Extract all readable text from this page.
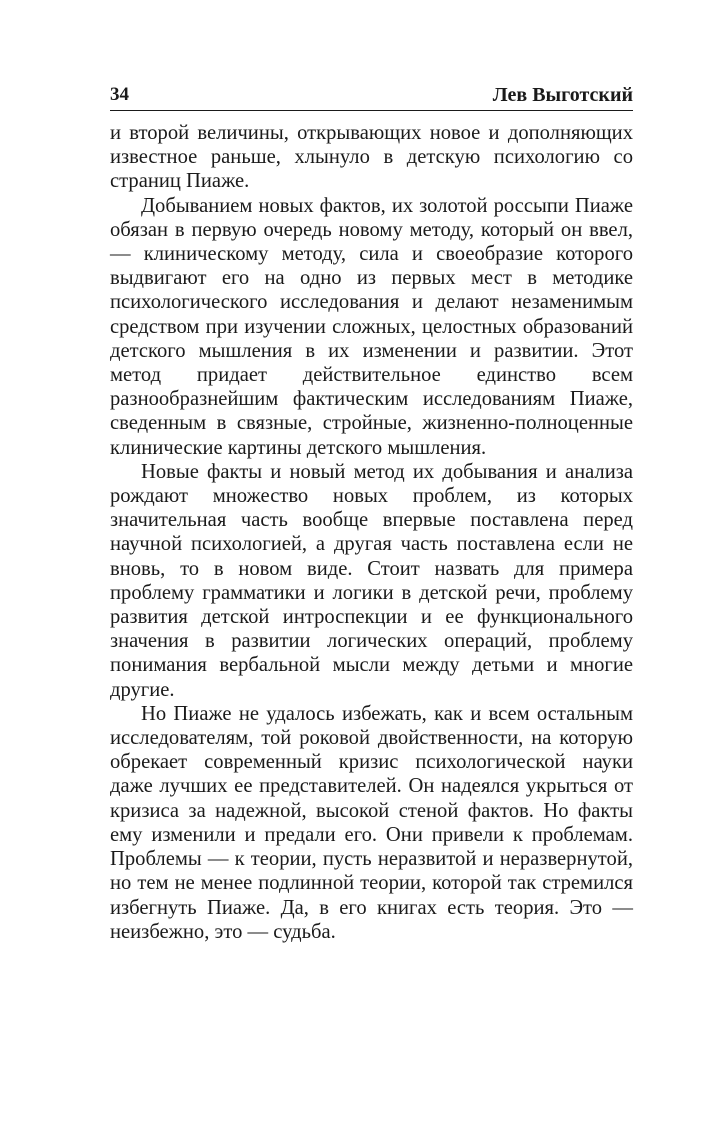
34	Лев Выготский

и второй величины, открывающих новое и дополняющих известное раньше, хлынуло в детскую психологию со страниц Пиаже.

Добыванием новых фактов, их золотой россыпи Пиаже обязан в первую очередь новому методу, который он ввел, — клиническому методу, сила и своеобразие которого выдвигают его на одно из первых мест в методике психологического исследования и делают незаменимым средством при изучении сложных, целостных образований детского мышления в их изменении и развитии. Этот метод придает действительное единство всем разнообразнейшим фактическим исследованиям Пиаже, сведенным в связные, стройные, жизненно-полноценные клинические картины детского мышления.

Новые факты и новый метод их добывания и анализа рождают множество новых проблем, из которых значительная часть вообще впервые поставлена перед научной психологией, а другая часть поставлена если не вновь, то в новом виде. Стоит назвать для примера проблему грамматики и логики в детской речи, проблему развития детской интроспекции и ее функционального значения в развитии логических операций, проблему понимания вербальной мысли между детьми и многие другие.

Но Пиаже не удалось избежать, как и всем остальным исследователям, той роковой двойственности, на которую обрекает современный кризис психологической науки даже лучших ее представителей. Он надеялся укрыться от кризиса за надежной, высокой стеной фактов. Но факты ему изменили и предали его. Они привели к проблемам. Проблемы — к теории, пусть неразвитой и неразвернутой, но тем не менее подлинной теории, которой так стремился избегнуть Пиаже. Да, в его книгах есть теория. Это — неизбежно, это — судьба.
